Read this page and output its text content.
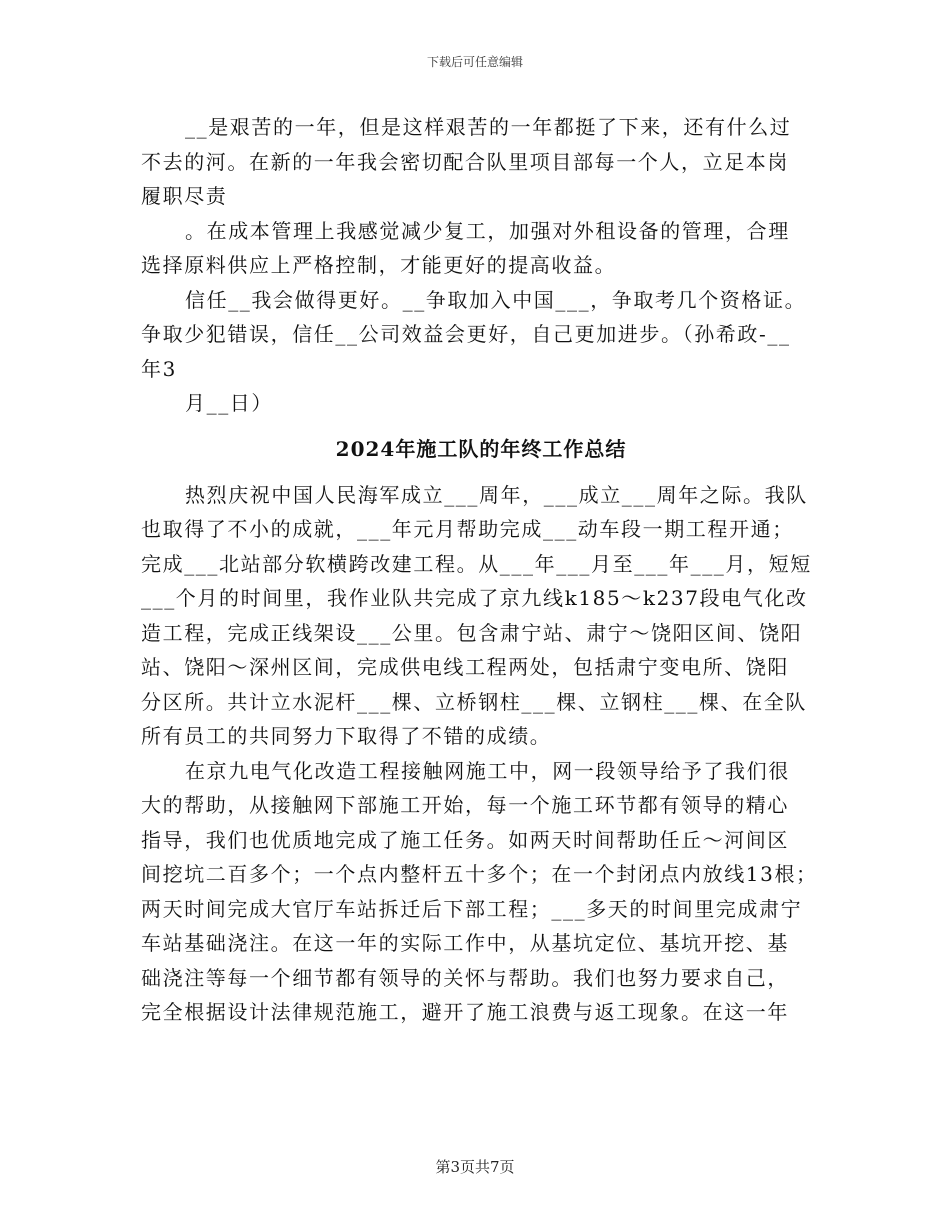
下载后可任意编辑

__是艰苦的一年，但是这样艰苦的一年都挺了下来，还有什么过

不去的河。在新的一年我会密切配合队里项目部每一个人，立足本岗

履职尽责

。在成本管理上我感觉减少复工，加强对外租设备的管理，合理

选择原料供应上严格控制，才能更好的提高收益。

信任__我会做得更好。__争取加入中国___，争取考几个资格证。

争取少犯错误，信任__公司效益会更好，自己更加进步。（孙希政-__

年3

月__日）

2024年施工队的年终工作总结

热烈庆祝中国人民海军成立___周年，___成立___周年之际。我队

也取得了不小的成就，___年元月帮助完成___动车段一期工程开通；

完成___北站部分软横跨改建工程。从___年___月至___年___月，短短

___个月的时间里，我作业队共完成了京九线k185～k237段电气化改

造工程，完成正线架设___公里。包含肃宁站、肃宁～饶阳区间、饶阳

站、饶阳～深州区间，完成供电线工程两处，包括肃宁变电所、饶阳

分区所。共计立水泥杆___棵、立桥钢柱___棵、立钢柱___棵、在全队

所有员工的共同努力下取得了不错的成绩。

在京九电气化改造工程接触网施工中，网一段领导给予了我们很

大的帮助，从接触网下部施工开始，每一个施工环节都有领导的精心

指导，我们也优质地完成了施工任务。如两天时间帮助任丘～河间区

间挖坑二百多个；一个点内整杆五十多个；在一个封闭点内放线13根；

两天时间完成大官厅车站拆迁后下部工程；___多天的时间里完成肃宁

车站基础浇注。在这一年的实际工作中，从基坑定位、基坑开挖、基

础浇注等每一个细节都有领导的关怀与帮助。我们也努力要求自己，

完全根据设计法律规范施工，避开了施工浪费与返工现象。在这一年

第3页共7页
